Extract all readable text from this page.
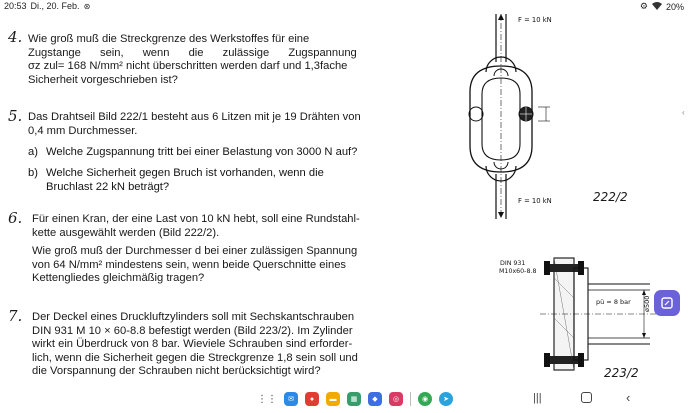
20:53 Di., 20. Feb. ⊛	⚙ 20%
4. Wie groß muß die Streckgrenze des Werkstoffes für eine
Zugstange sein, wenn die zulässige Zugspannung
σz zul= 168 N/mm² nicht überschritten werden darf und 1,3fache
Sicherheit vorgeschrieben ist?
5. Das Drahtseil Bild 222/1 besteht aus 6 Litzen mit je 19 Drähten von
0,4 mm Durchmesser.
a) Welche Zugspannung tritt bei einer Belastung von 3000 N auf?
b) Welche Sicherheit gegen Bruch ist vorhanden, wenn die
Bruchlast 22 kN beträgt?
6. Für einen Kran, der eine Last von 10 kN hebt, soll eine Rundstahl-
kette ausgewählt werden (Bild 222/2).
Wie groß muß der Durchmesser d bei einer zulässigen Spannung
von 64 N/mm² mindestens sein, wenn beide Querschnitte eines
Kettengliedes gleichmäßig tragen?
7. Der Deckel eines Druckluftzylinders soll mit Sechskantschrauben
DIN 931 M 10 × 60-8.8 befestigt werden (Bild 223/2). Im Zylinder
wirkt ein Überdruck von 8 bar. Wieviele Schrauben sind erforder-
lich, wenn die Sicherheit gegen die Streckgrenze 1,8 sein soll und
die Vorspannung der Schrauben nicht berücksichtigt wird?
F = 10 kN
F = 10 kN	222/2
DIN 931
M10x60-8.8
pü = 8 bar ø500
223/2
‹
⋮⋮	✉	●	▬	▦	◆	◎	◉	➤	|||	‹
